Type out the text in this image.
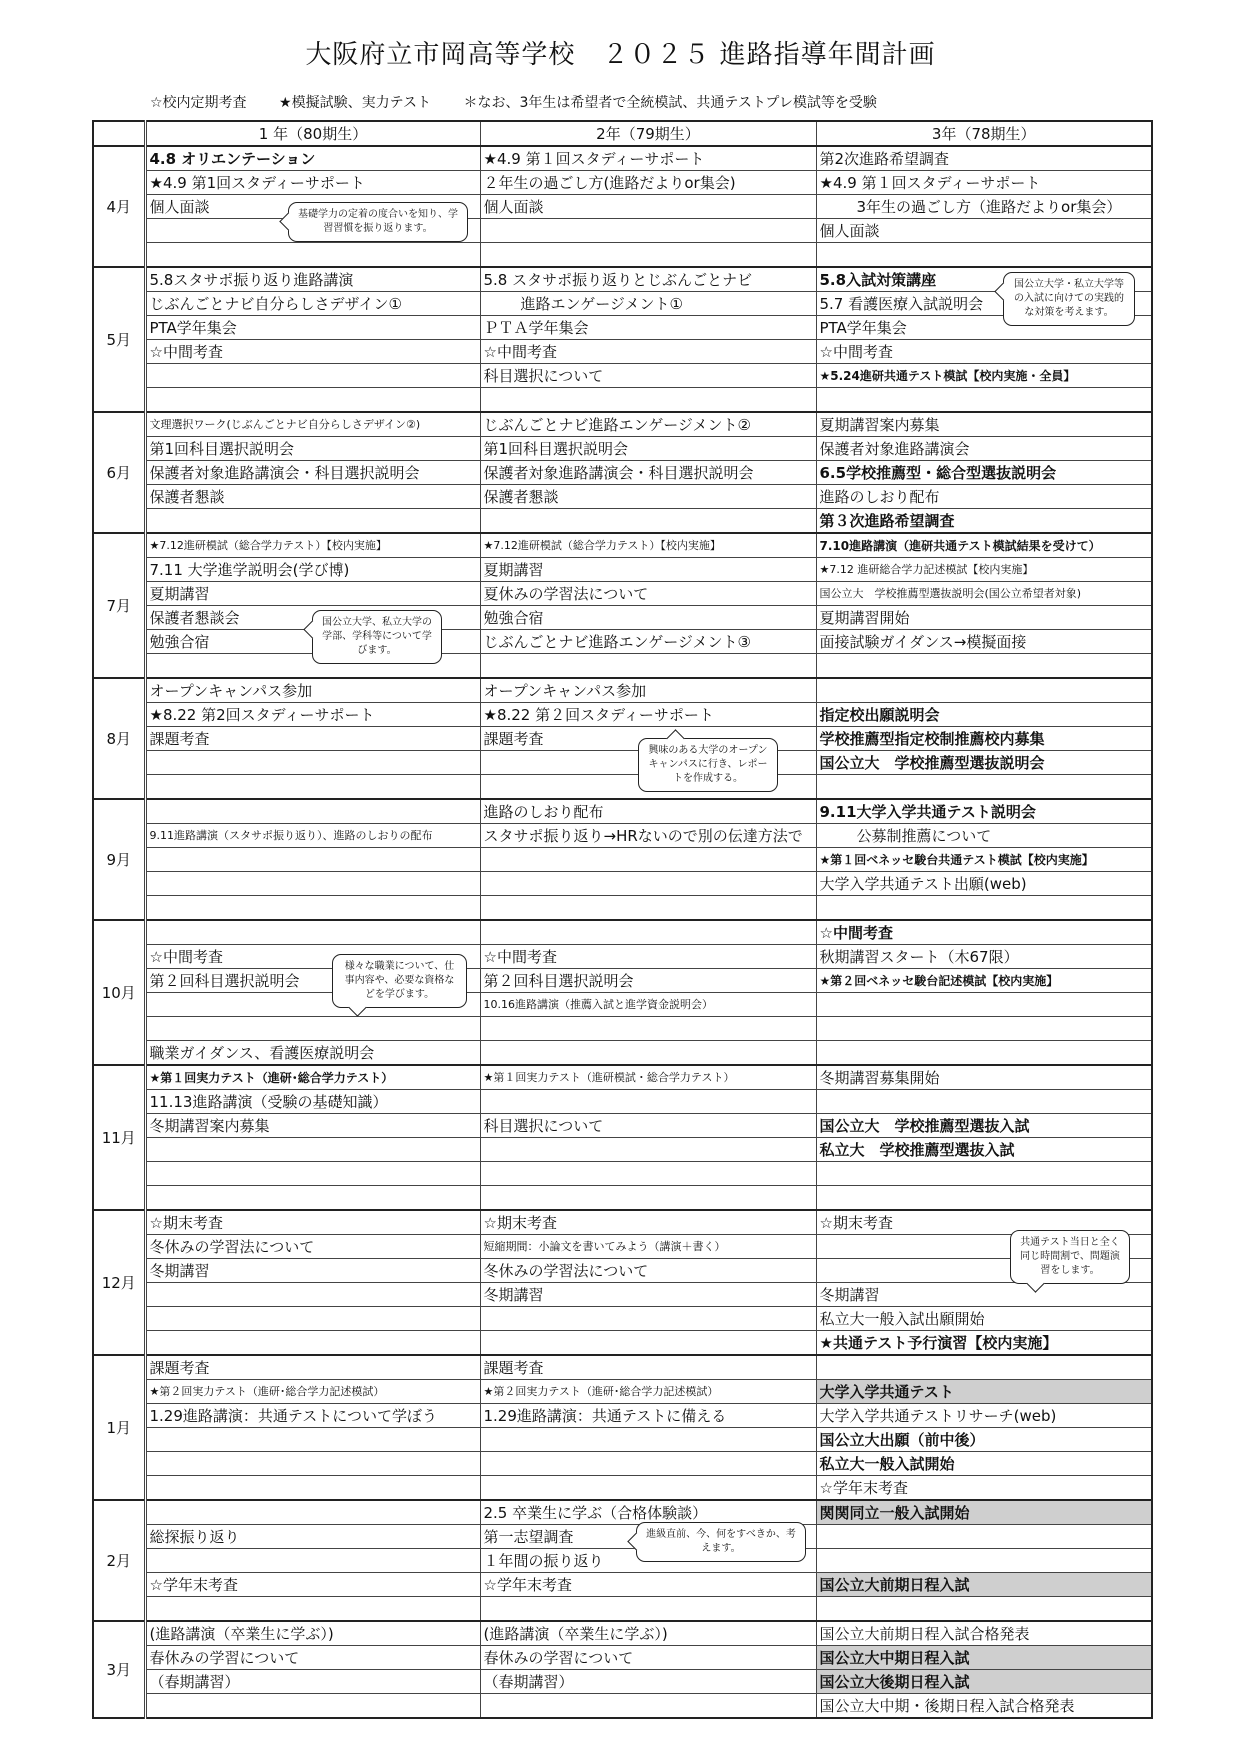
大阪府立市岡高等学校　２０２５ 進路指導年間計画
☆校内定期考査 ★模擬試験、実力テスト ＊なお、3年生は希望者で全統模試、共通テストプレ模試等を受験
	1 年（80期生）	2年（79期生）	3年（78期生）
4月	4.8 オリエンテーション	★4.9 第１回スタディーサポート	第2次進路希望調査
	★4.9 第1回スタディーサポート	２年生の過ごし方(進路だよりor集会)	★4.9 第１回スタディーサポート
	個人面談	個人面談	3年生の過ごし方（進路だよりor集会）
			個人面談

5月	5.8スタサポ振り返り進路講演	5.8 スタサポ振り返りとじぶんごとナビ	5.8入試対策講座
	じぶんごとナビ自分らしさデザイン①	進路エンゲージメント①	5.7 看護医療入試説明会
	PTA学年集会	ＰＴＡ学年集会	PTA学年集会
	☆中間考査	☆中間考査	☆中間考査
		科目選択について	★5.24進研共通テスト模試【校内実施・全員】

6月	文理選択ワーク(じぶんごとナビ自分らしさデザイン②)	じぶんごとナビ進路エンゲージメント②	夏期講習案内募集
	第1回科目選択説明会	第1回科目選択説明会	保護者対象進路講演会
	保護者対象進路講演会・科目選択説明会	保護者対象進路講演会・科目選択説明会	6.5学校推薦型・総合型選抜説明会
	保護者懇談	保護者懇談	進路のしおり配布
			第３次進路希望調査
7月	★7.12進研模試（総合学力テスト）【校内実施】	★7.12進研模試（総合学力テスト）【校内実施】	7.10進路講演（進研共通テスト模試結果を受けて）
	7.11 大学進学説明会(学び博)	夏期講習	★7.12 進研総合学力記述模試【校内実施】
	夏期講習	夏休みの学習法について	国公立大　学校推薦型選抜説明会(国公立希望者対象)
	保護者懇談会	勉強合宿	夏期講習開始
	勉強合宿	じぶんごとナビ進路エンゲージメント③	面接試験ガイダンス→模擬面接

8月	オープンキャンパス参加	オープンキャンパス参加	
	★8.22 第2回スタディーサポート	★8.22 第２回スタディーサポート	指定校出願説明会
	課題考査	課題考査	学校推薦型指定校制推薦校内募集
			国公立大　学校推薦型選抜説明会

9月		進路のしおり配布	9.11大学入学共通テスト説明会
	9.11進路講演（スタサポ振り返り）、進路のしおりの配布	スタサポ振り返り→HRないので別の伝達方法で	公募制推薦について
			★第１回ベネッセ駿台共通テスト模試【校内実施】
			大学入学共通テスト出願(web)

10月			☆中間考査
	☆中間考査	☆中間考査	秋期講習スタート（木67限）
	第２回科目選択説明会	第２回科目選択説明会	★第２回ベネッセ駿台記述模試【校内実施】
		10.16進路講演（推薦入試と進学資金説明会）	

	職業ガイダンス、看護医療説明会		
11月	★第１回実力テスト（進研･総合学力テスト）	★第１回実力テスト（進研模試・総合学力テスト）	冬期講習募集開始
	11.13進路講演（受験の基礎知識）		
	冬期講習案内募集	科目選択について	国公立大　学校推薦型選抜入試
			私立大　学校推薦型選抜入試

12月	☆期末考査	☆期末考査	☆期末考査
	冬休みの学習法について	短縮期間：小論文を書いてみよう（講演＋書く）	
	冬期講習	冬休みの学習法について	
		冬期講習	冬期講習
			私立大一般入試出願開始
			★共通テスト予行演習【校内実施】
1月	課題考査	課題考査	
	★第２回実力テスト（進研･総合学力記述模試）	★第２回実力テスト（進研･総合学力記述模試）	大学入学共通テスト
	1.29進路講演：共通テストについて学ぼう	1.29進路講演：共通テストに備える	大学入学共通テストリサーチ(web)
			国公立大出願（前中後）
			私立大一般入試開始
			☆学年末考査
2月		2.5 卒業生に学ぶ（合格体験談）	関関同立一般入試開始
	総探振り返り	第一志望調査	
		１年間の振り返り	
	☆学年末考査	☆学年末考査	国公立大前期日程入試

3月	(進路講演（卒業生に学ぶ）)	(進路講演（卒業生に学ぶ）)	国公立大前期日程入試合格発表
	春休みの学習について	春休みの学習について	国公立大中期日程入試
	（春期講習）	（春期講習）	国公立大後期日程入試
			国公立大中期・後期日程入試合格発表
基礎学力の定着の度合いを知り、学習習慣を振り返ります。
国公立大学・私立大学等の入試に向けての実践的な対策を考えます。
国公立大学、私立大学の学部、学科等について学びます。
興味のある大学のオープンキャンパスに行き、レポートを作成する。
様々な職業について、仕事内容や、必要な資格などを学びます。
共通テスト当日と全く同じ時間割で、問題演習をします。
進級直前、今、何をすべきか、考えます。
